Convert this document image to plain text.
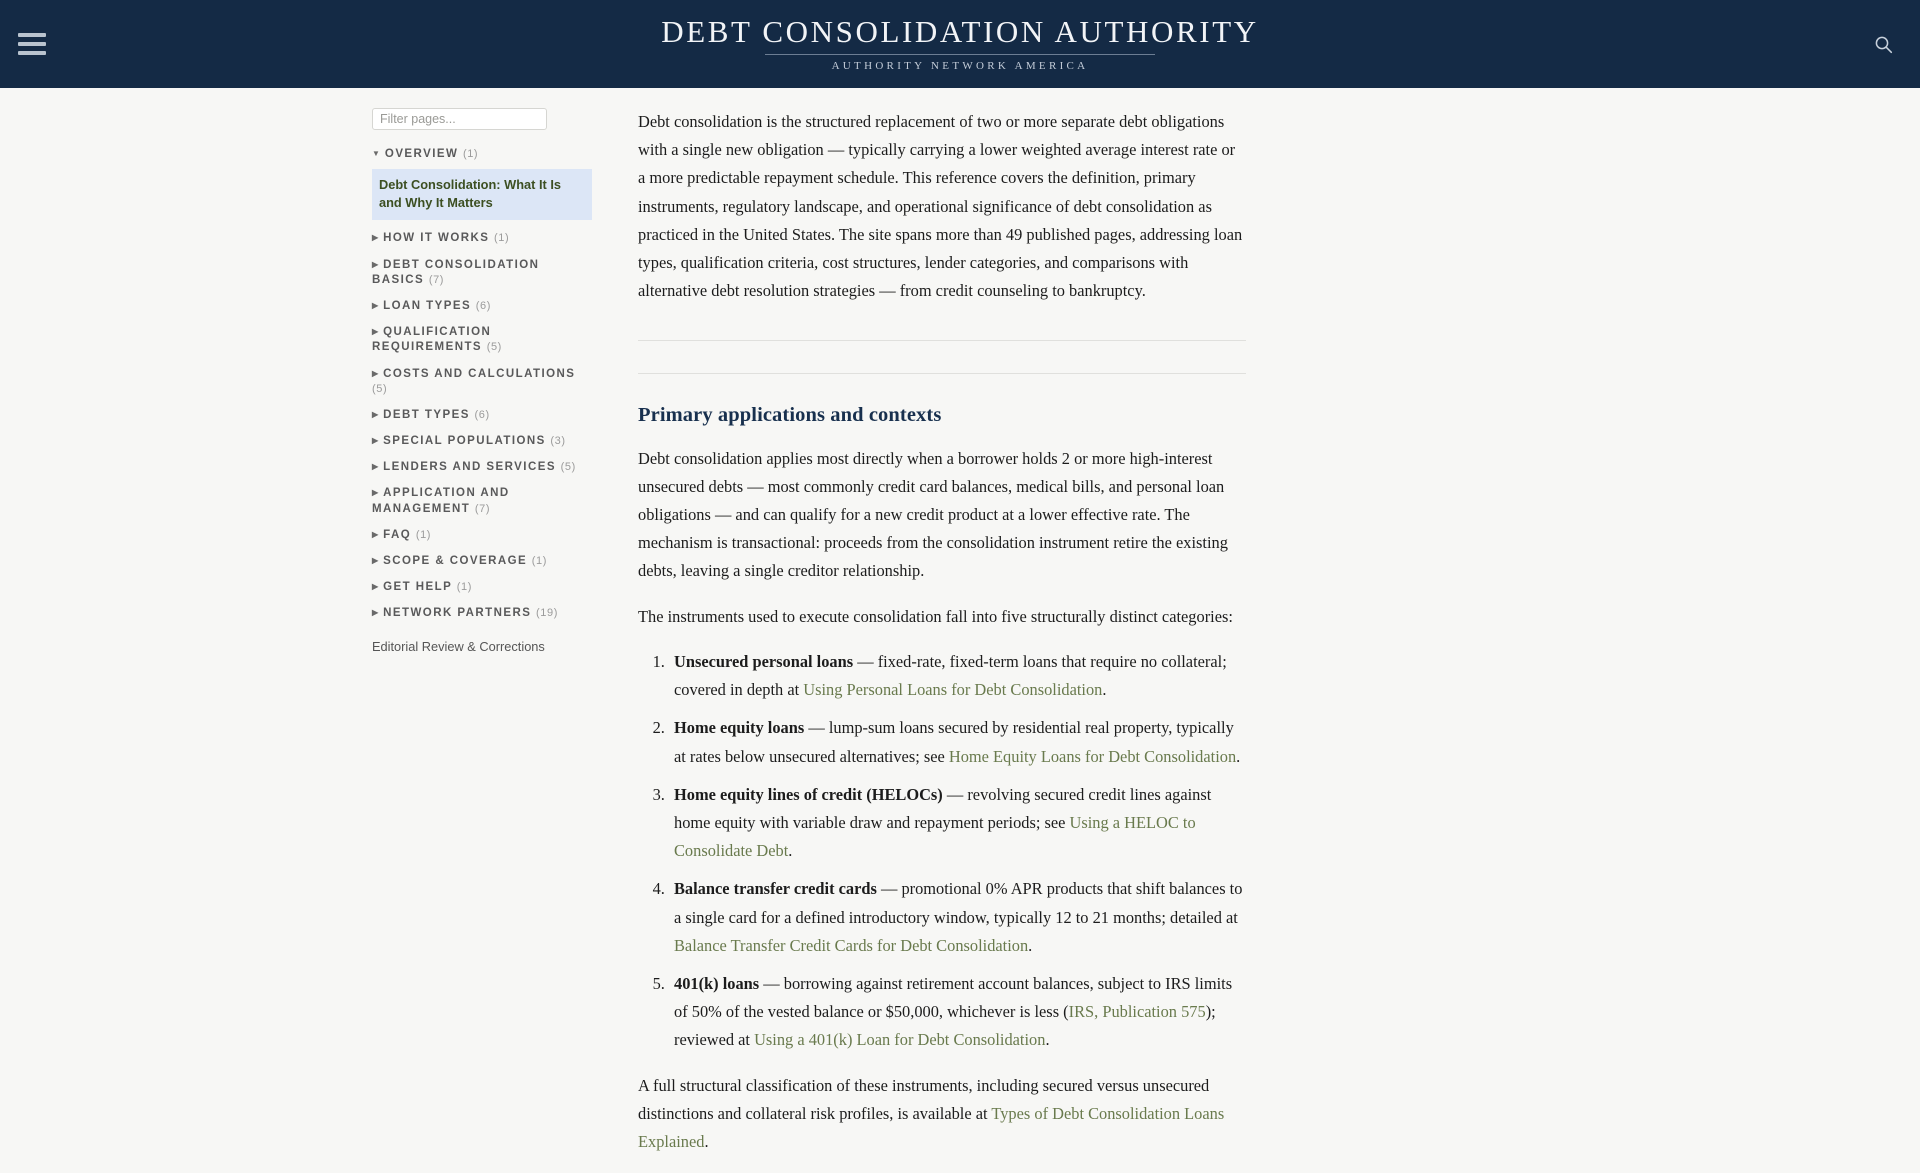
DEBT CONSOLIDATION AUTHORITY
AUTHORITY NETWORK AMERICA
Filter pages...
▼ OVERVIEW (1)
Debt Consolidation: What It Is and Why It Matters
▶ HOW IT WORKS (1)
▶ DEBT CONSOLIDATION BASICS (7)
▶ LOAN TYPES (6)
▶ QUALIFICATION REQUIREMENTS (5)
▶ COSTS AND CALCULATIONS (5)
▶ DEBT TYPES (6)
▶ SPECIAL POPULATIONS (3)
▶ LENDERS AND SERVICES (5)
▶ APPLICATION AND MANAGEMENT (7)
▶ FAQ (1)
▶ SCOPE & COVERAGE (1)
▶ GET HELP (1)
▶ NETWORK PARTNERS (19)
Editorial Review & Corrections

Debt consolidation is the structured replacement of two or more separate debt obligations with a single new obligation — typically carrying a lower weighted average interest rate or a more predictable repayment schedule. This reference covers the definition, primary instruments, regulatory landscape, and operational significance of debt consolidation as practiced in the United States. The site spans more than 49 published pages, addressing loan types, qualification criteria, cost structures, lender categories, and comparisons with alternative debt resolution strategies — from credit counseling to bankruptcy.

Primary applications and contexts

Debt consolidation applies most directly when a borrower holds 2 or more high-interest unsecured debts — most commonly credit card balances, medical bills, and personal loan obligations — and can qualify for a new credit product at a lower effective rate. The mechanism is transactional: proceeds from the consolidation instrument retire the existing debts, leaving a single creditor relationship.

The instruments used to execute consolidation fall into five structurally distinct categories:

1. Unsecured personal loans — fixed-rate, fixed-term loans that require no collateral; covered in depth at Using Personal Loans for Debt Consolidation.
2. Home equity loans — lump-sum loans secured by residential real property, typically at rates below unsecured alternatives; see Home Equity Loans for Debt Consolidation.
3. Home equity lines of credit (HELOCs) — revolving secured credit lines against home equity with variable draw and repayment periods; see Using a HELOC to Consolidate Debt.
4. Balance transfer credit cards — promotional 0% APR products that shift balances to a single card for a defined introductory window, typically 12 to 21 months; detailed at Balance Transfer Credit Cards for Debt Consolidation.
5. 401(k) loans — borrowing against retirement account balances, subject to IRS limits of 50% of the vested balance or $50,000, whichever is less (IRS, Publication 575); reviewed at Using a 401(k) Loan for Debt Consolidation.

A full structural classification of these instruments, including secured versus unsecured distinctions and collateral risk profiles, is available at Types of Debt Consolidation Loans Explained.
